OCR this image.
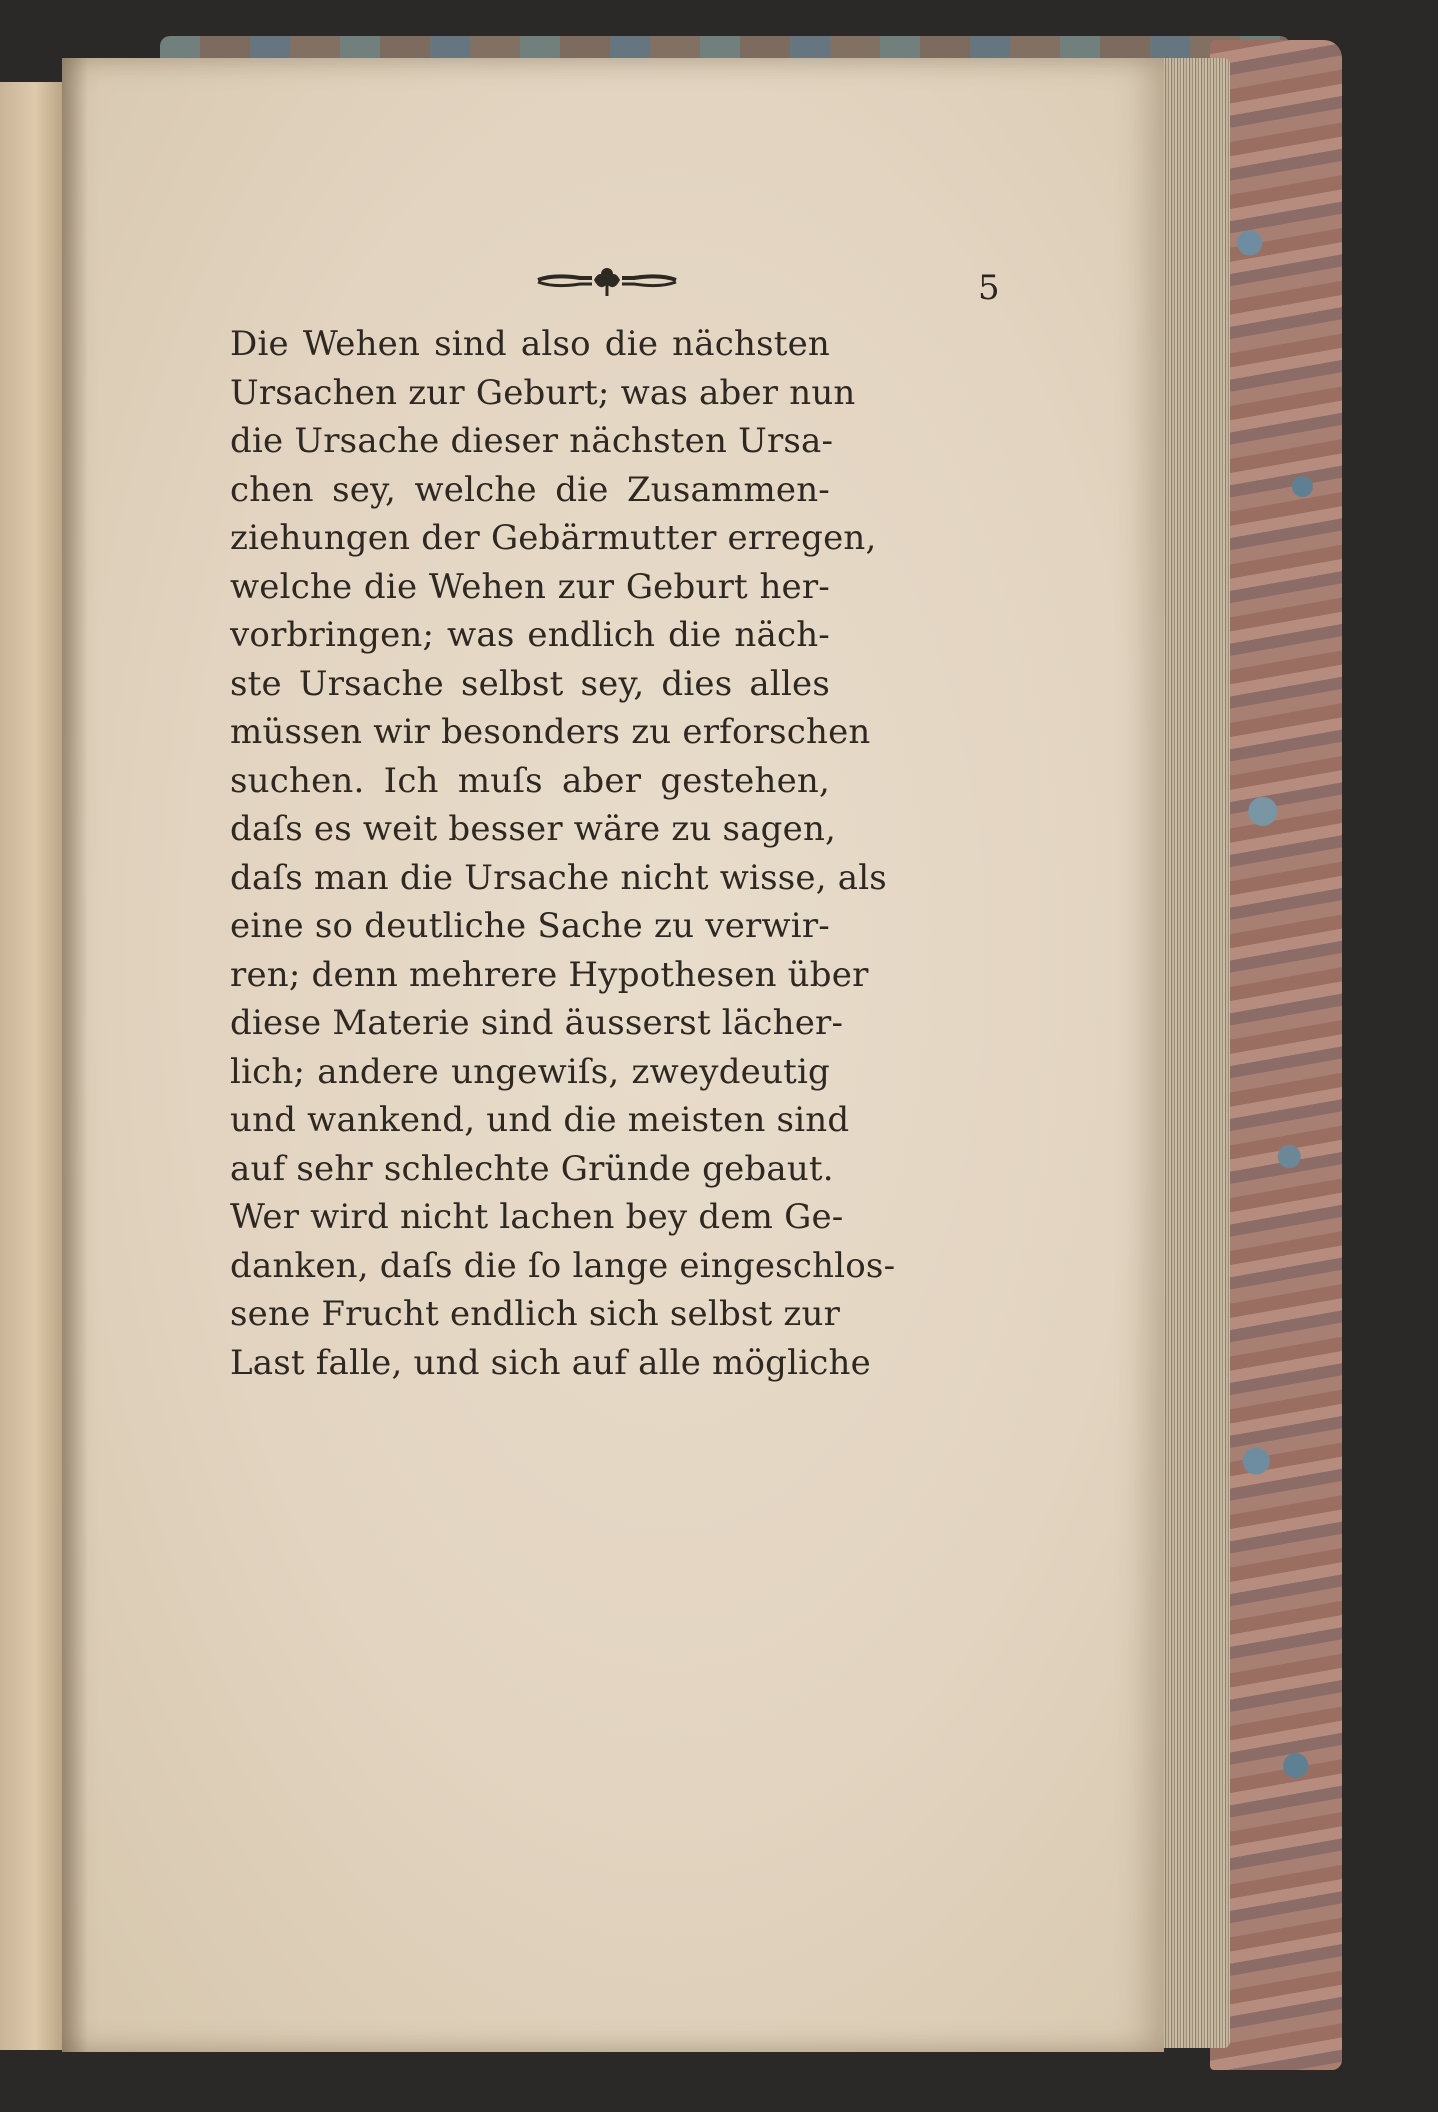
5
Die Wehen sind also die nächsten
Ursachen zur Geburt; was aber nun
die Ursache dieser nächsten Ursa-
chen sey, welche die Zusammen-
ziehungen der Gebärmutter erregen,
welche die Wehen zur Geburt her-
vorbringen; was endlich die näch-
ste Ursache selbst sey, dies alles
müssen wir besonders zu erforschen
suchen. Ich muſs aber gestehen,
daſs es weit besser wäre zu sagen,
daſs man die Ursache nicht wisse, als
eine so deutliche Sache zu verwir-
ren; denn mehrere Hypothesen über
diese Materie sind äusserst lächer-
lich; andere ungewiſs, zweydeutig
und wankend, und die meisten sind
auf sehr schlechte Gründe gebaut.
Wer wird nicht lachen bey dem Ge-
danken, daſs die ſo lange eingeschlos-
sene Frucht endlich sich selbst zur
Last falle, und sich auf alle mögliche
